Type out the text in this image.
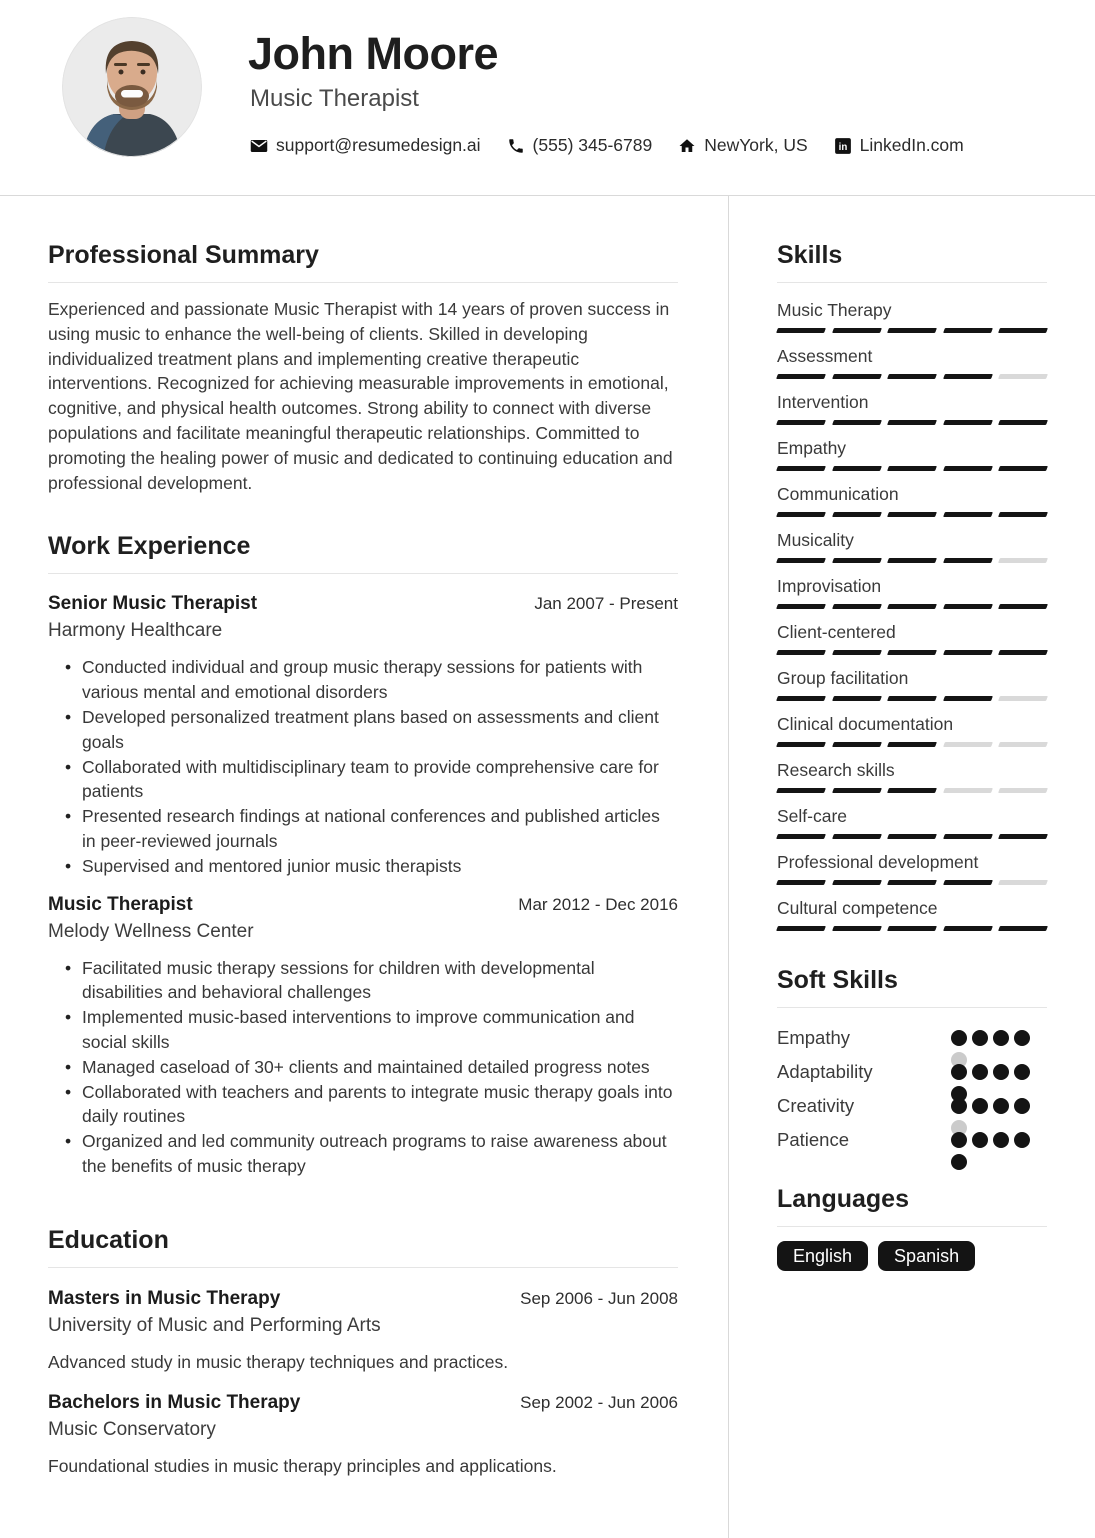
John Moore
Music Therapist
support@resumedesign.ai	(555) 345-6789	NewYork, US in LinkedIn.com
Professional Summary

Experienced and passionate Music Therapist with 14 years of proven success in using music to enhance the well-being of clients. Skilled in developing individualized treatment plans and implementing creative therapeutic interventions. Recognized for achieving measurable improvements in emotional, cognitive, and physical health outcomes. Strong ability to connect with diverse populations and facilitate meaningful therapeutic relationships. Committed to promoting the healing power of music and dedicated to continuing education and professional development.

Work Experience
Senior Music Therapist	Jan 2007 - Present
Harmony Healthcare
• Conducted individual and group music therapy sessions for patients with various mental and emotional disorders
• Developed personalized treatment plans based on assessments and client goals
• Collaborated with multidisciplinary team to provide comprehensive care for patients
• Presented research findings at national conferences and published articles in peer-reviewed journals
• Supervised and mentored junior music therapists
Music Therapist	Mar 2012 - Dec 2016
Melody Wellness Center
• Facilitated music therapy sessions for children with developmental disabilities and behavioral challenges
• Implemented music-based interventions to improve communication and social skills
• Managed caseload of 30+ clients and maintained detailed progress notes
• Collaborated with teachers and parents to integrate music therapy goals into daily routines
• Organized and led community outreach programs to raise awareness about the benefits of music therapy
Education
Masters in Music Therapy	Sep 2006 - Jun 2008
University of Music and Performing Arts
Advanced study in music therapy techniques and practices.
Bachelors in Music Therapy	Sep 2002 - Jun 2006
Music Conservatory
Foundational studies in music therapy principles and applications.
Skills
Music Therapy
Assessment
Intervention
Empathy
Communication
Musicality
Improvisation
Client-centered
Group facilitation
Clinical documentation
Research skills
Self-care
Professional development
Cultural competence
Soft Skills
Empathy
Adaptability
Creativity
Patience
Languages
English	Spanish
